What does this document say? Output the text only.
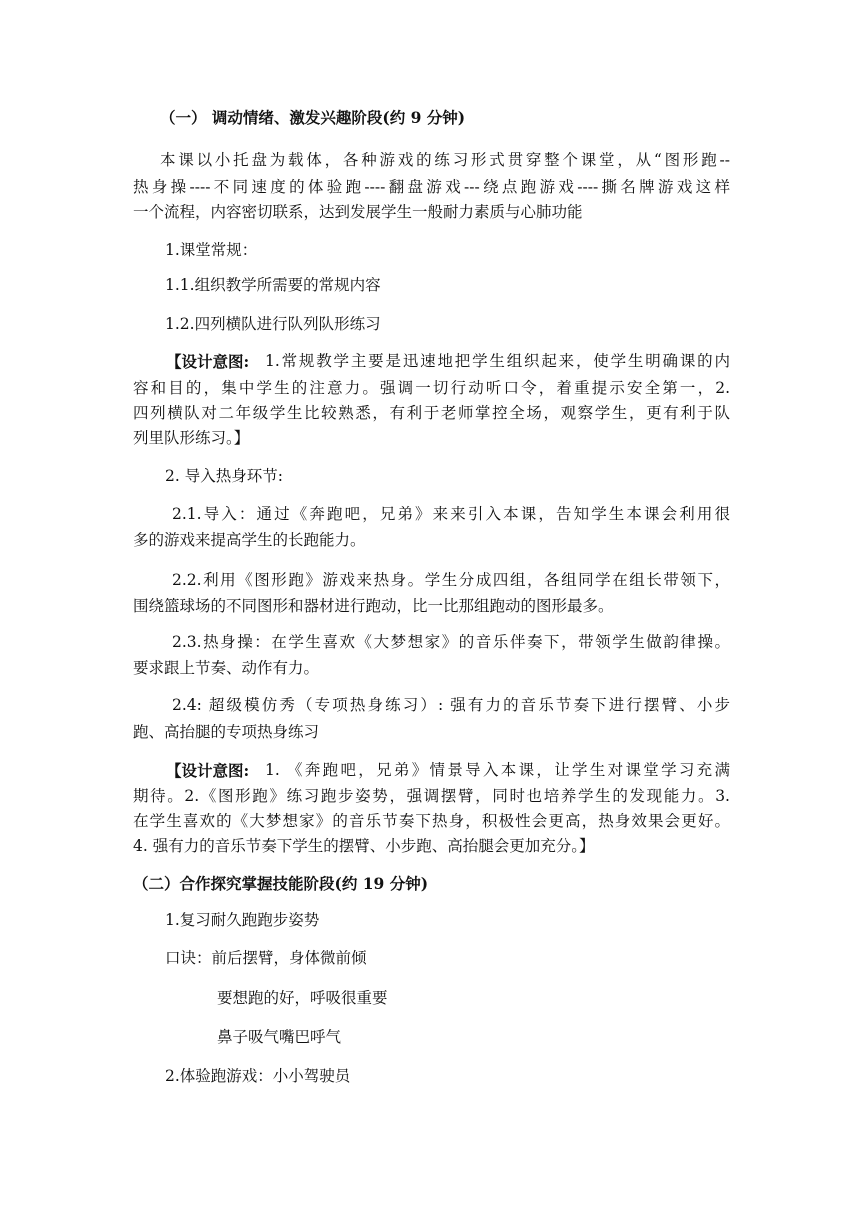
（一） 调动情绪、激发兴趣阶段(约 9 分钟)

本课以小托盘为载体，各种游戏的练习形式贯穿整个课堂，从“图形跑--

热身操----不同速度的体验跑----翻盘游戏---绕点跑游戏----撕名牌游戏这样

一个流程，内容密切联系，达到发展学生一般耐力素质与心肺功能

1.课堂常规：

1.1.组织教学所需要的常规内容

1.2.四列横队进行队列队形练习

【设计意图: 1.常规教学主要是迅速地把学生组织起来，使学生明确课的内

容和目的，集中学生的注意力。强调一切行动听口令，着重提示安全第一，2.

四列横队对二年级学生比较熟悉，有利于老师掌控全场，观察学生，更有利于队

列里队形练习。】

2. 导入热身环节:

2.1.导入：通过《奔跑吧，兄弟》来来引入本课，告知学生本课会利用很

多的游戏来提高学生的长跑能力。

2.2.利用《图形跑》游戏来热身。学生分成四组，各组同学在组长带领下，

围绕篮球场的不同图形和器材进行跑动，比一比那组跑动的图形最多。

2.3.热身操：在学生喜欢《大梦想家》的音乐伴奏下，带领学生做韵律操。

要求跟上节奏、动作有力。

2.4: 超级模仿秀（专项热身练习）: 强有力的音乐节奏下进行摆臂、小步

跑、高抬腿的专项热身练习

【设计意图: 1. 《奔跑吧，兄弟》情景导入本课，让学生对课堂学习充满

期待。2.《图形跑》练习跑步姿势，强调摆臂，同时也培养学生的发现能力。3.

在学生喜欢的《大梦想家》的音乐节奏下热身，积极性会更高，热身效果会更好。

4. 强有力的音乐节奏下学生的摆臂、小步跑、高抬腿会更加充分。】

（二）合作探究掌握技能阶段(约 19 分钟)

1.复习耐久跑跑步姿势

口诀：前后摆臂，身体微前倾

要想跑的好，呼吸很重要

鼻子吸气嘴巴呼气

2.体验跑游戏：小小驾驶员
